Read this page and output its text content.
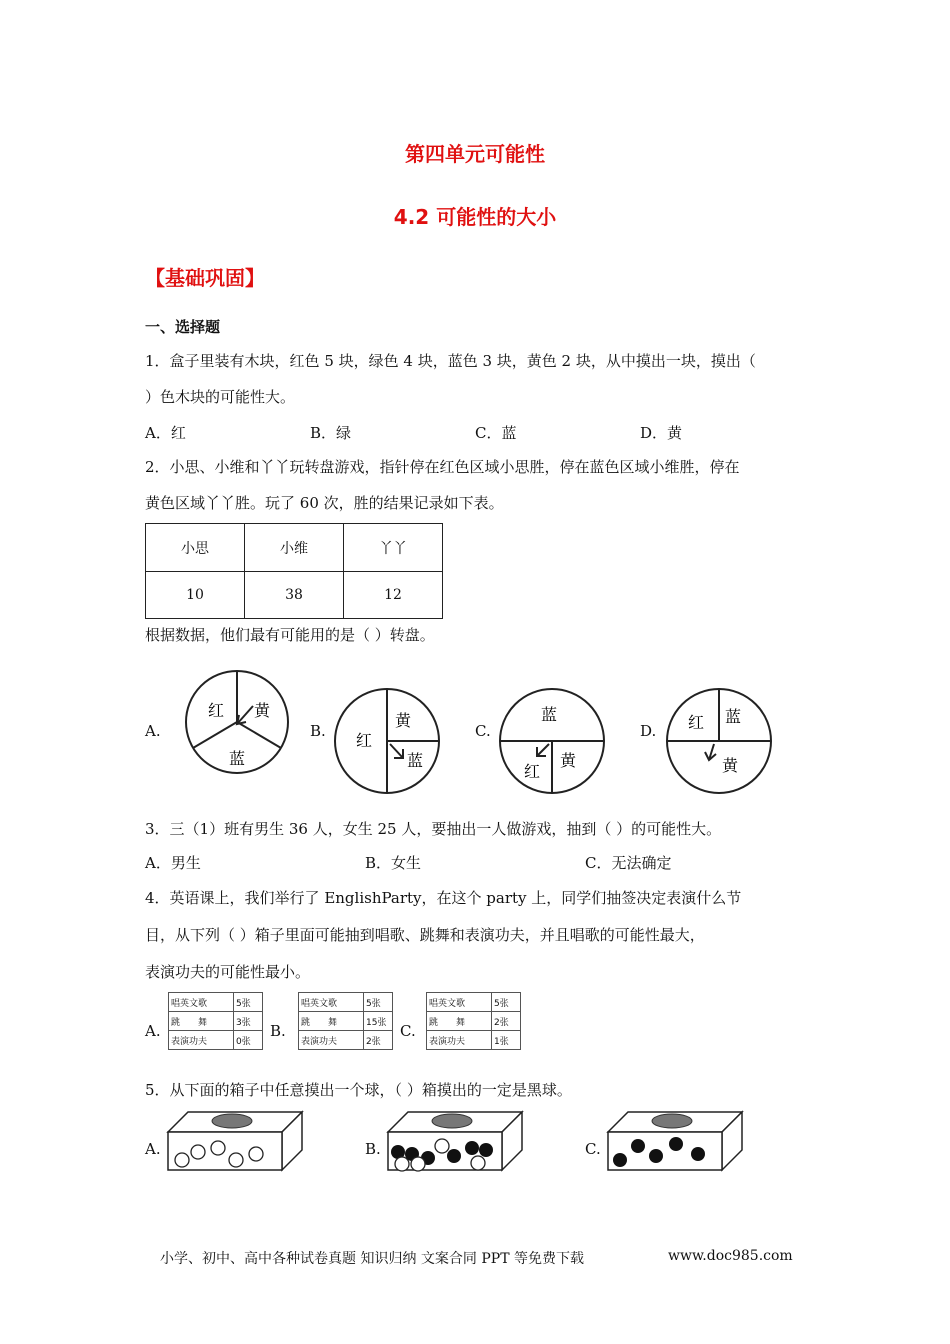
第四单元可能性
4.2 可能性的大小
【基础巩固】
一、选择题
1．盒子里装有木块，红色 5 块，绿色 4 块，蓝色 3 块，黄色 2 块，从中摸出一块，摸出（
）色木块的可能性大。
A．红	B．绿	C．蓝	D．黄
2．小思、小维和丫丫玩转盘游戏，指针停在红色区域小思胜，停在蓝色区域小维胜，停在
黄色区域丫丫胜。玩了 60 次，胜的结果记录如下表。
小思	小维	丫丫
10	38	12
根据数据，他们最有可能用的是（ ）转盘。
A.	B.	C.	D.
红 黄
蓝
黄
红
蓝
蓝
黄
红
红 蓝
黄
3．三（1）班有男生 36 人，女生 25 人，要抽出一人做游戏，抽到（ ）的可能性大。
A．男生	B．女生	C．无法确定
4．英语课上，我们举行了 EnglishParty，在这个 party 上，同学们抽签决定表演什么节
目，从下列（ ）箱子里面可能抽到唱歌、跳舞和表演功夫，并且唱歌的可能性最大，
表演功夫的可能性最小。
A.
唱英文歌	5张
跳　　舞	3张
表演功夫	0张
B.
唱英文歌	5张
跳　　舞	15张
表演功夫	2张
C.
唱英文歌	5张
跳　　舞	2张
表演功夫	1张
5．从下面的箱子中任意摸出一个球，（ ）箱摸出的一定是黑球。
A.	B.	C.
小学、初中、高中各种试卷真题 知识归纳 文案合同 PPT 等免费下载	www.doc985.com
